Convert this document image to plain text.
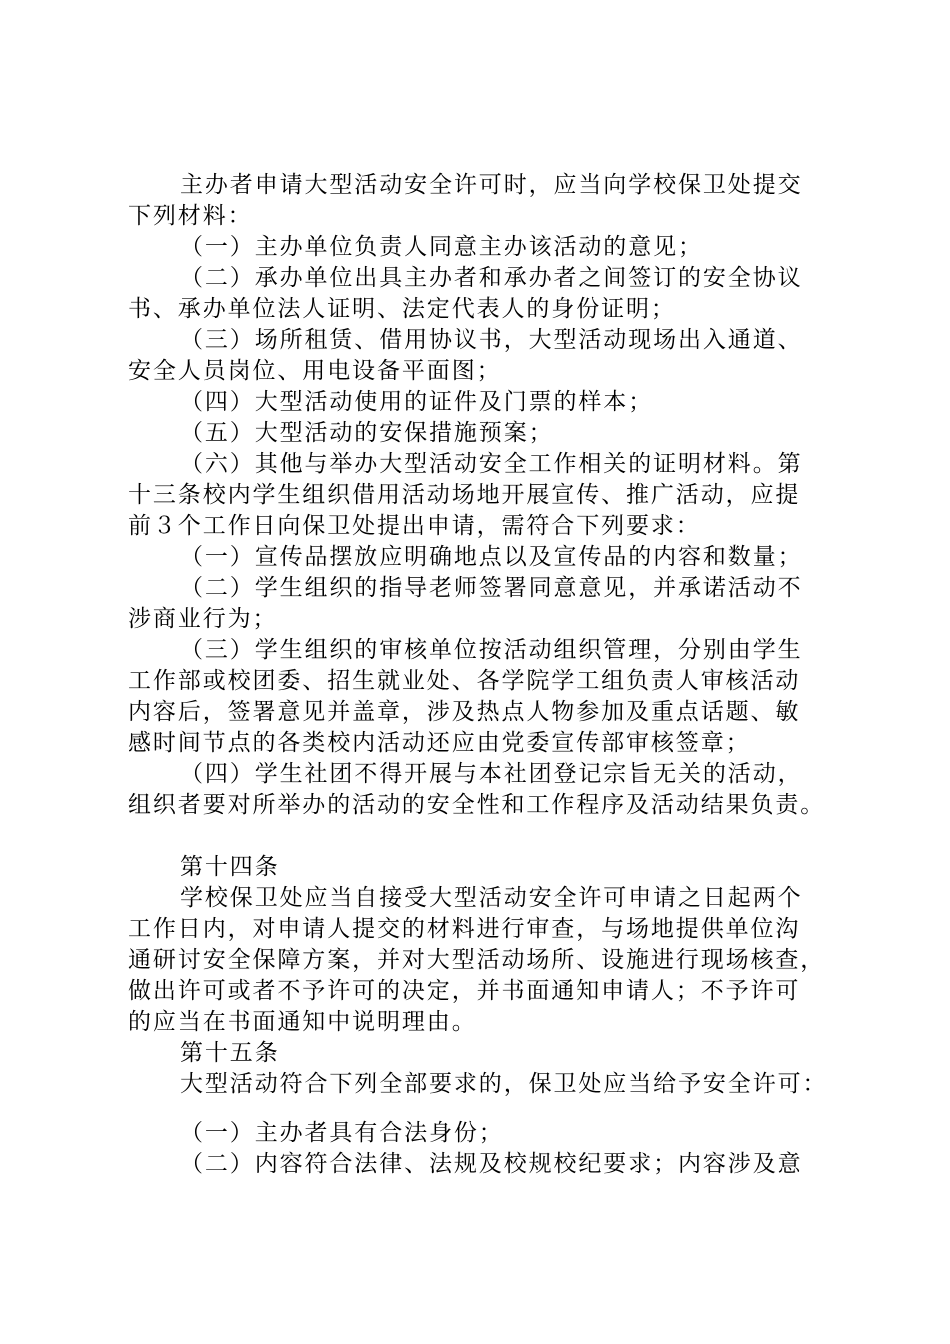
主办者申请大型活动安全许可时，应当向学校保卫处提交

下列材料：

（一）主办单位负责人同意主办该活动的意见；

（二）承办单位出具主办者和承办者之间签订的安全协议

书、承办单位法人证明、法定代表人的身份证明；

（三）场所租赁、借用协议书，大型活动现场出入通道、

安全人员岗位、用电设备平面图；

（四）大型活动使用的证件及门票的样本；

（五）大型活动的安保措施预案；

（六）其他与举办大型活动安全工作相关的证明材料。第

十三条校内学生组织借用活动场地开展宣传、推广活动，应提

前３个工作日向保卫处提出申请，需符合下列要求：

（一）宣传品摆放应明确地点以及宣传品的内容和数量；

（二）学生组织的指导老师签署同意意见，并承诺活动不

涉商业行为；

（三）学生组织的审核单位按活动组织管理，分别由学生

工作部或校团委、招生就业处、各学院学工组负责人审核活动

内容后，签署意见并盖章，涉及热点人物参加及重点话题、敏

感时间节点的各类校内活动还应由党委宣传部审核签章；

（四）学生社团不得开展与本社团登记宗旨无关的活动，

组织者要对所举办的活动的安全性和工作程序及活动结果负责。

第十四条

学校保卫处应当自接受大型活动安全许可申请之日起两个

工作日内，对申请人提交的材料进行审查，与场地提供单位沟

通研讨安全保障方案，并对大型活动场所、设施进行现场核查，

做出许可或者不予许可的决定，并书面通知申请人；不予许可

的应当在书面通知中说明理由。

第十五条

大型活动符合下列全部要求的，保卫处应当给予安全许可：

（一）主办者具有合法身份；

（二）内容符合法律、法规及校规校纪要求；内容涉及意
